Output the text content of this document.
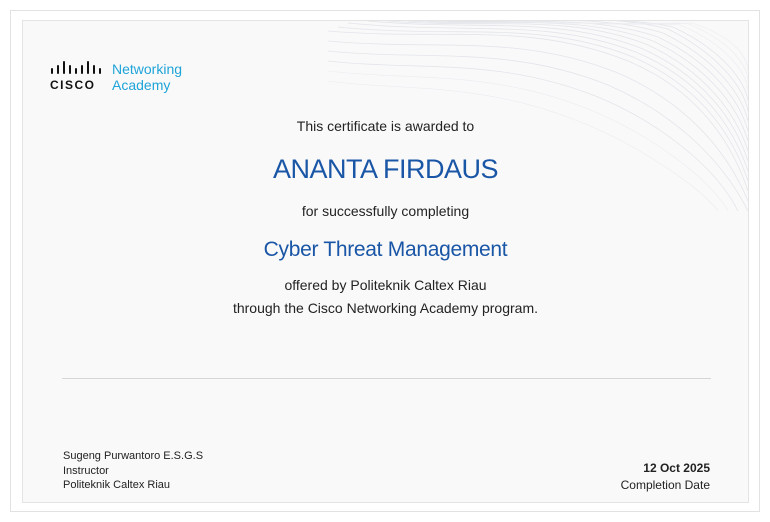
CISCO
Networking
Academy
This certificate is awarded to
ANANTA FIRDAUS
for successfully completing
Cyber Threat Management
offered by Politeknik Caltex Riau
through the Cisco Networking Academy program.
Sugeng Purwantoro E.S.G.S
Instructor
Politeknik Caltex Riau
12 Oct 2025
Completion Date
